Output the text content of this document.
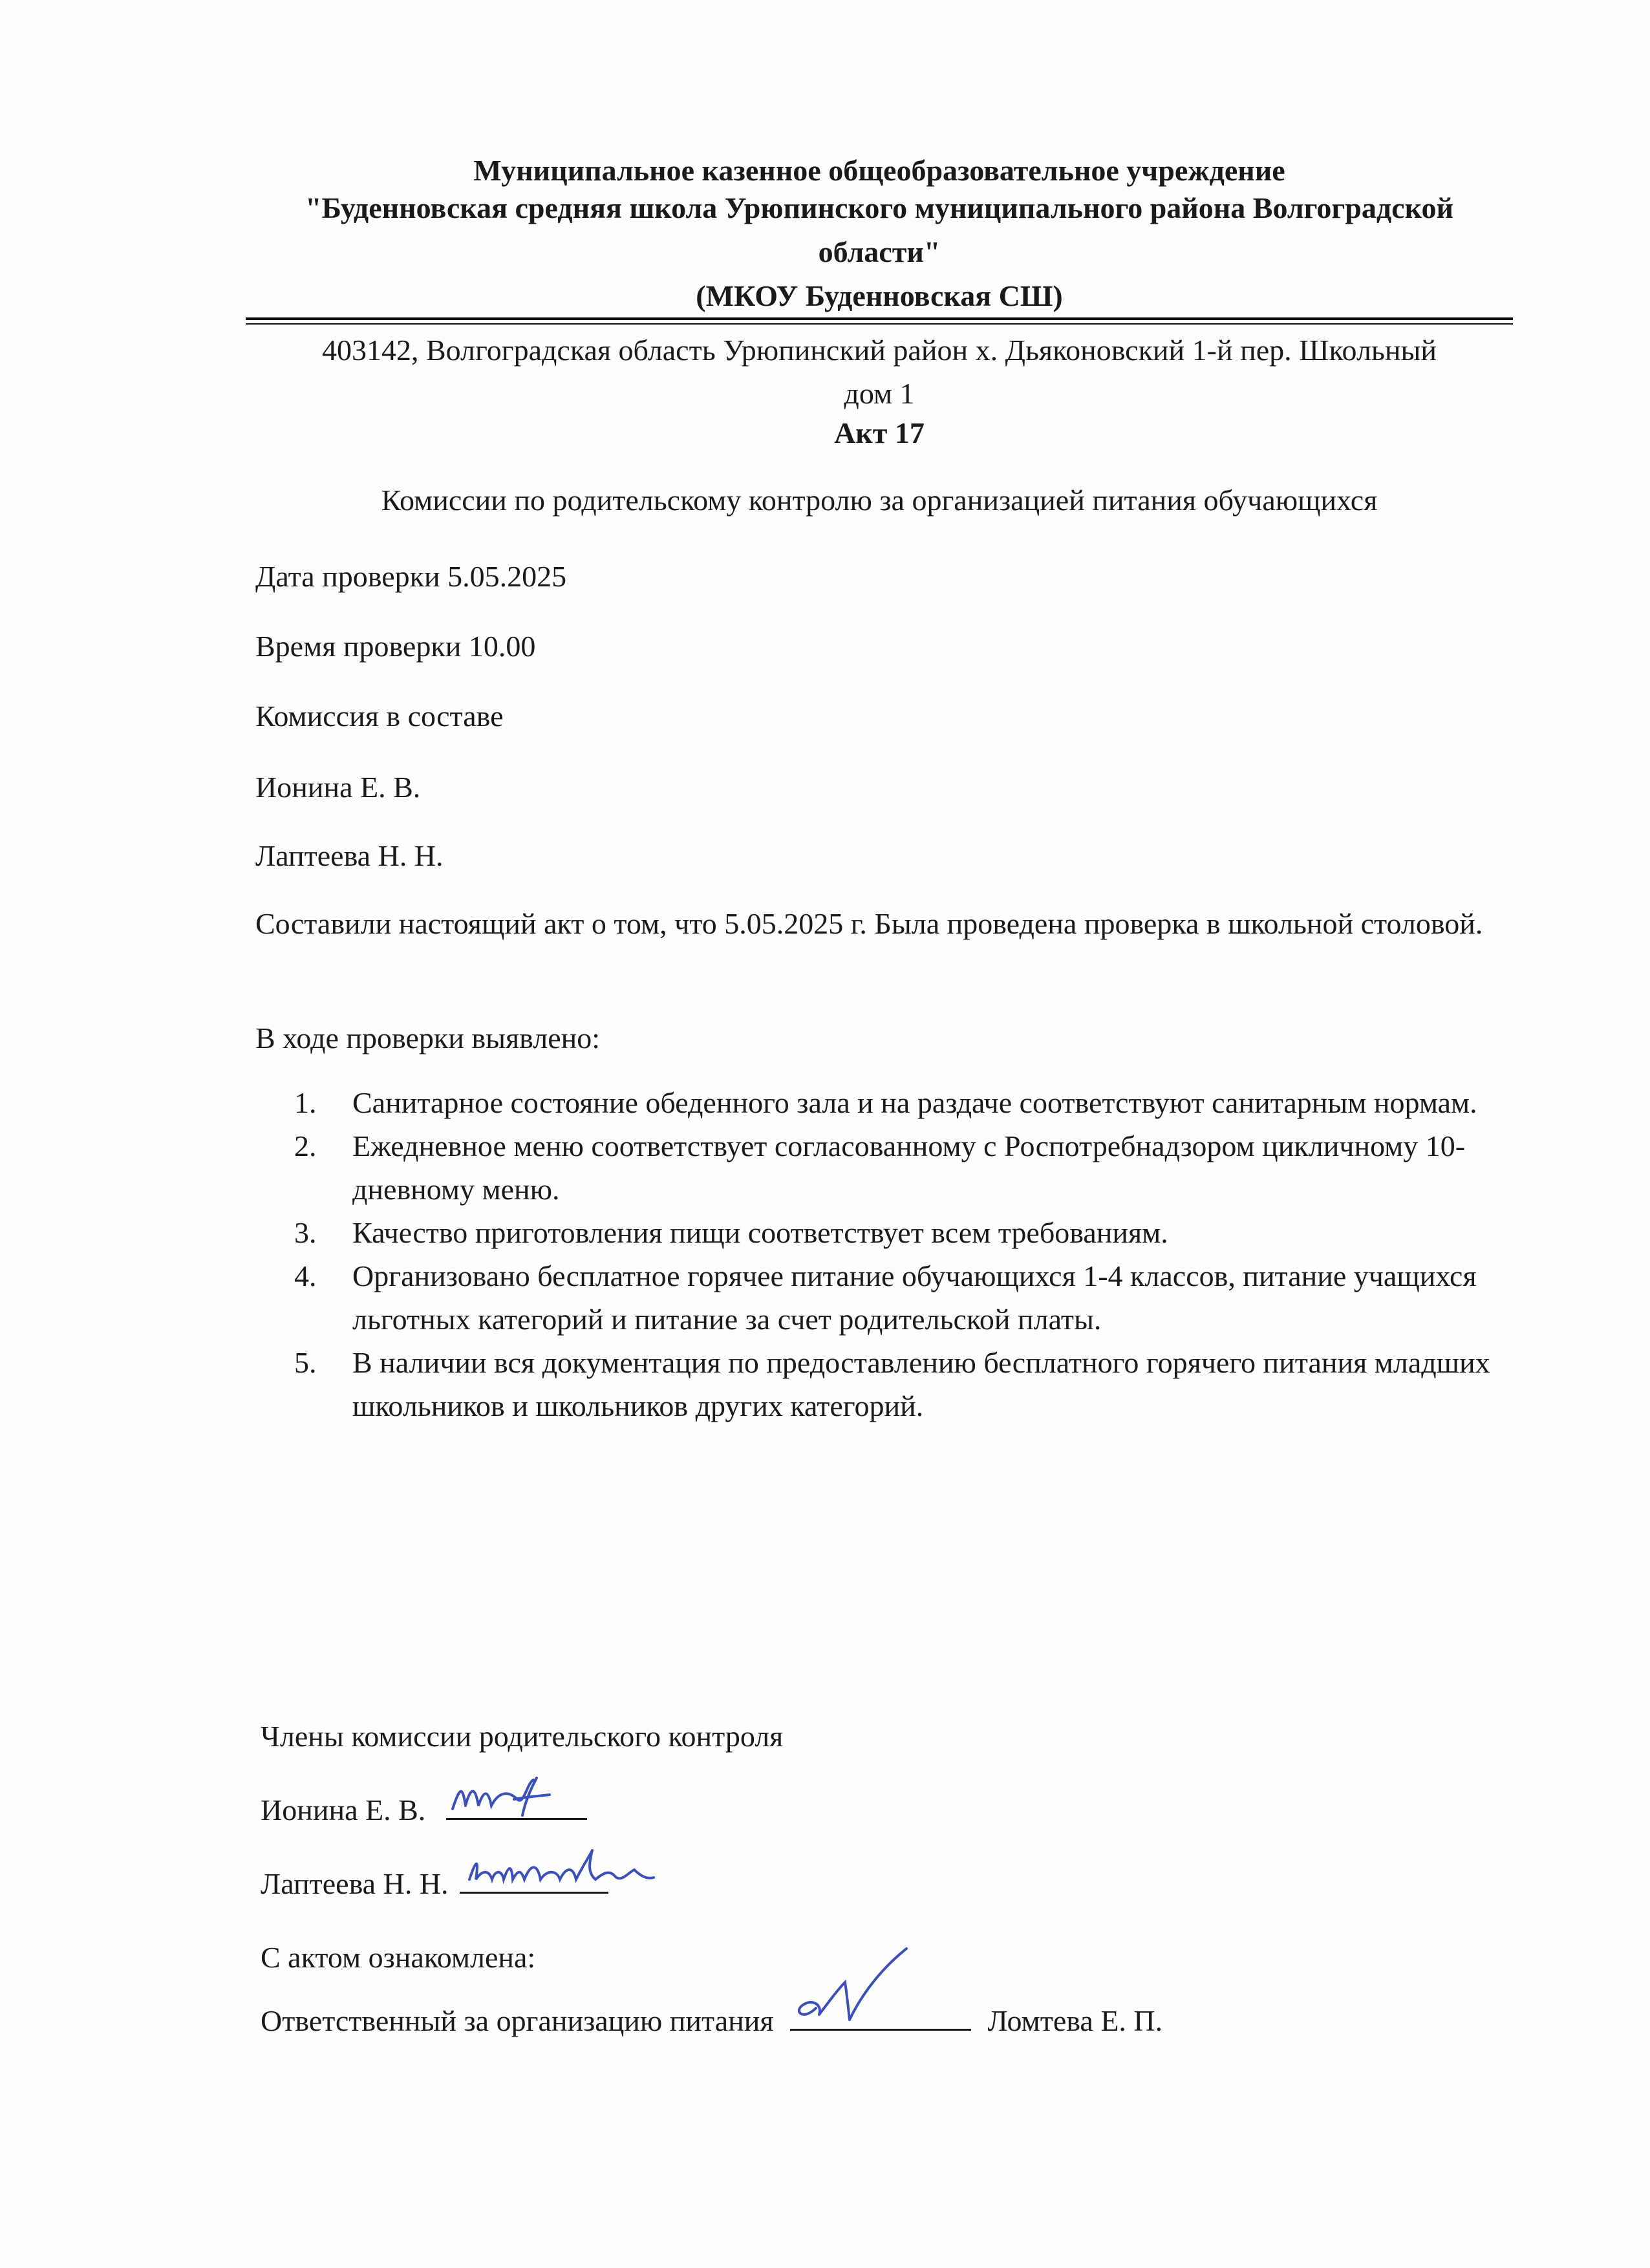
Муниципальное казенное общеобразовательное учреждение
"Буденновская средняя школа Урюпинского муниципального района Волгоградской
области"
(МКОУ Буденновская СШ)
403142, Волгоградская область Урюпинский район х. Дьяконовский 1-й пер. Школьный
дом 1
Акт 17
Комиссии по родительскому контролю за организацией питания обучающихся
Дата проверки 5.05.2025
Время проверки 10.00
Комиссия в составе
Ионина Е. В.
Лаптеева Н. Н.
Составили настоящий акт о том, что 5.05.2025 г. Была проведена проверка в школьной столовой.
В ходе проверки выявлено:
1. Санитарное состояние обеденного зала и на раздаче соответствуют санитарным нормам.
2. Ежедневное меню соответствует согласованному с Роспотребнадзором цикличному 10-дневному меню.
3. Качество приготовления пищи соответствует всем требованиям.
4. Организовано бесплатное горячее питание обучающихся 1-4 классов, питание учащихся льготных категорий и питание за счет родительской платы.
5. В наличии вся документация по предоставлению бесплатного горячего питания младших школьников и школьников других категорий.
Члены комиссии родительского контроля
Ионина Е. В.
Лаптеева Н. Н.
С актом ознакомлена:
Ответственный за организацию питания	Ломтева Е. П.
